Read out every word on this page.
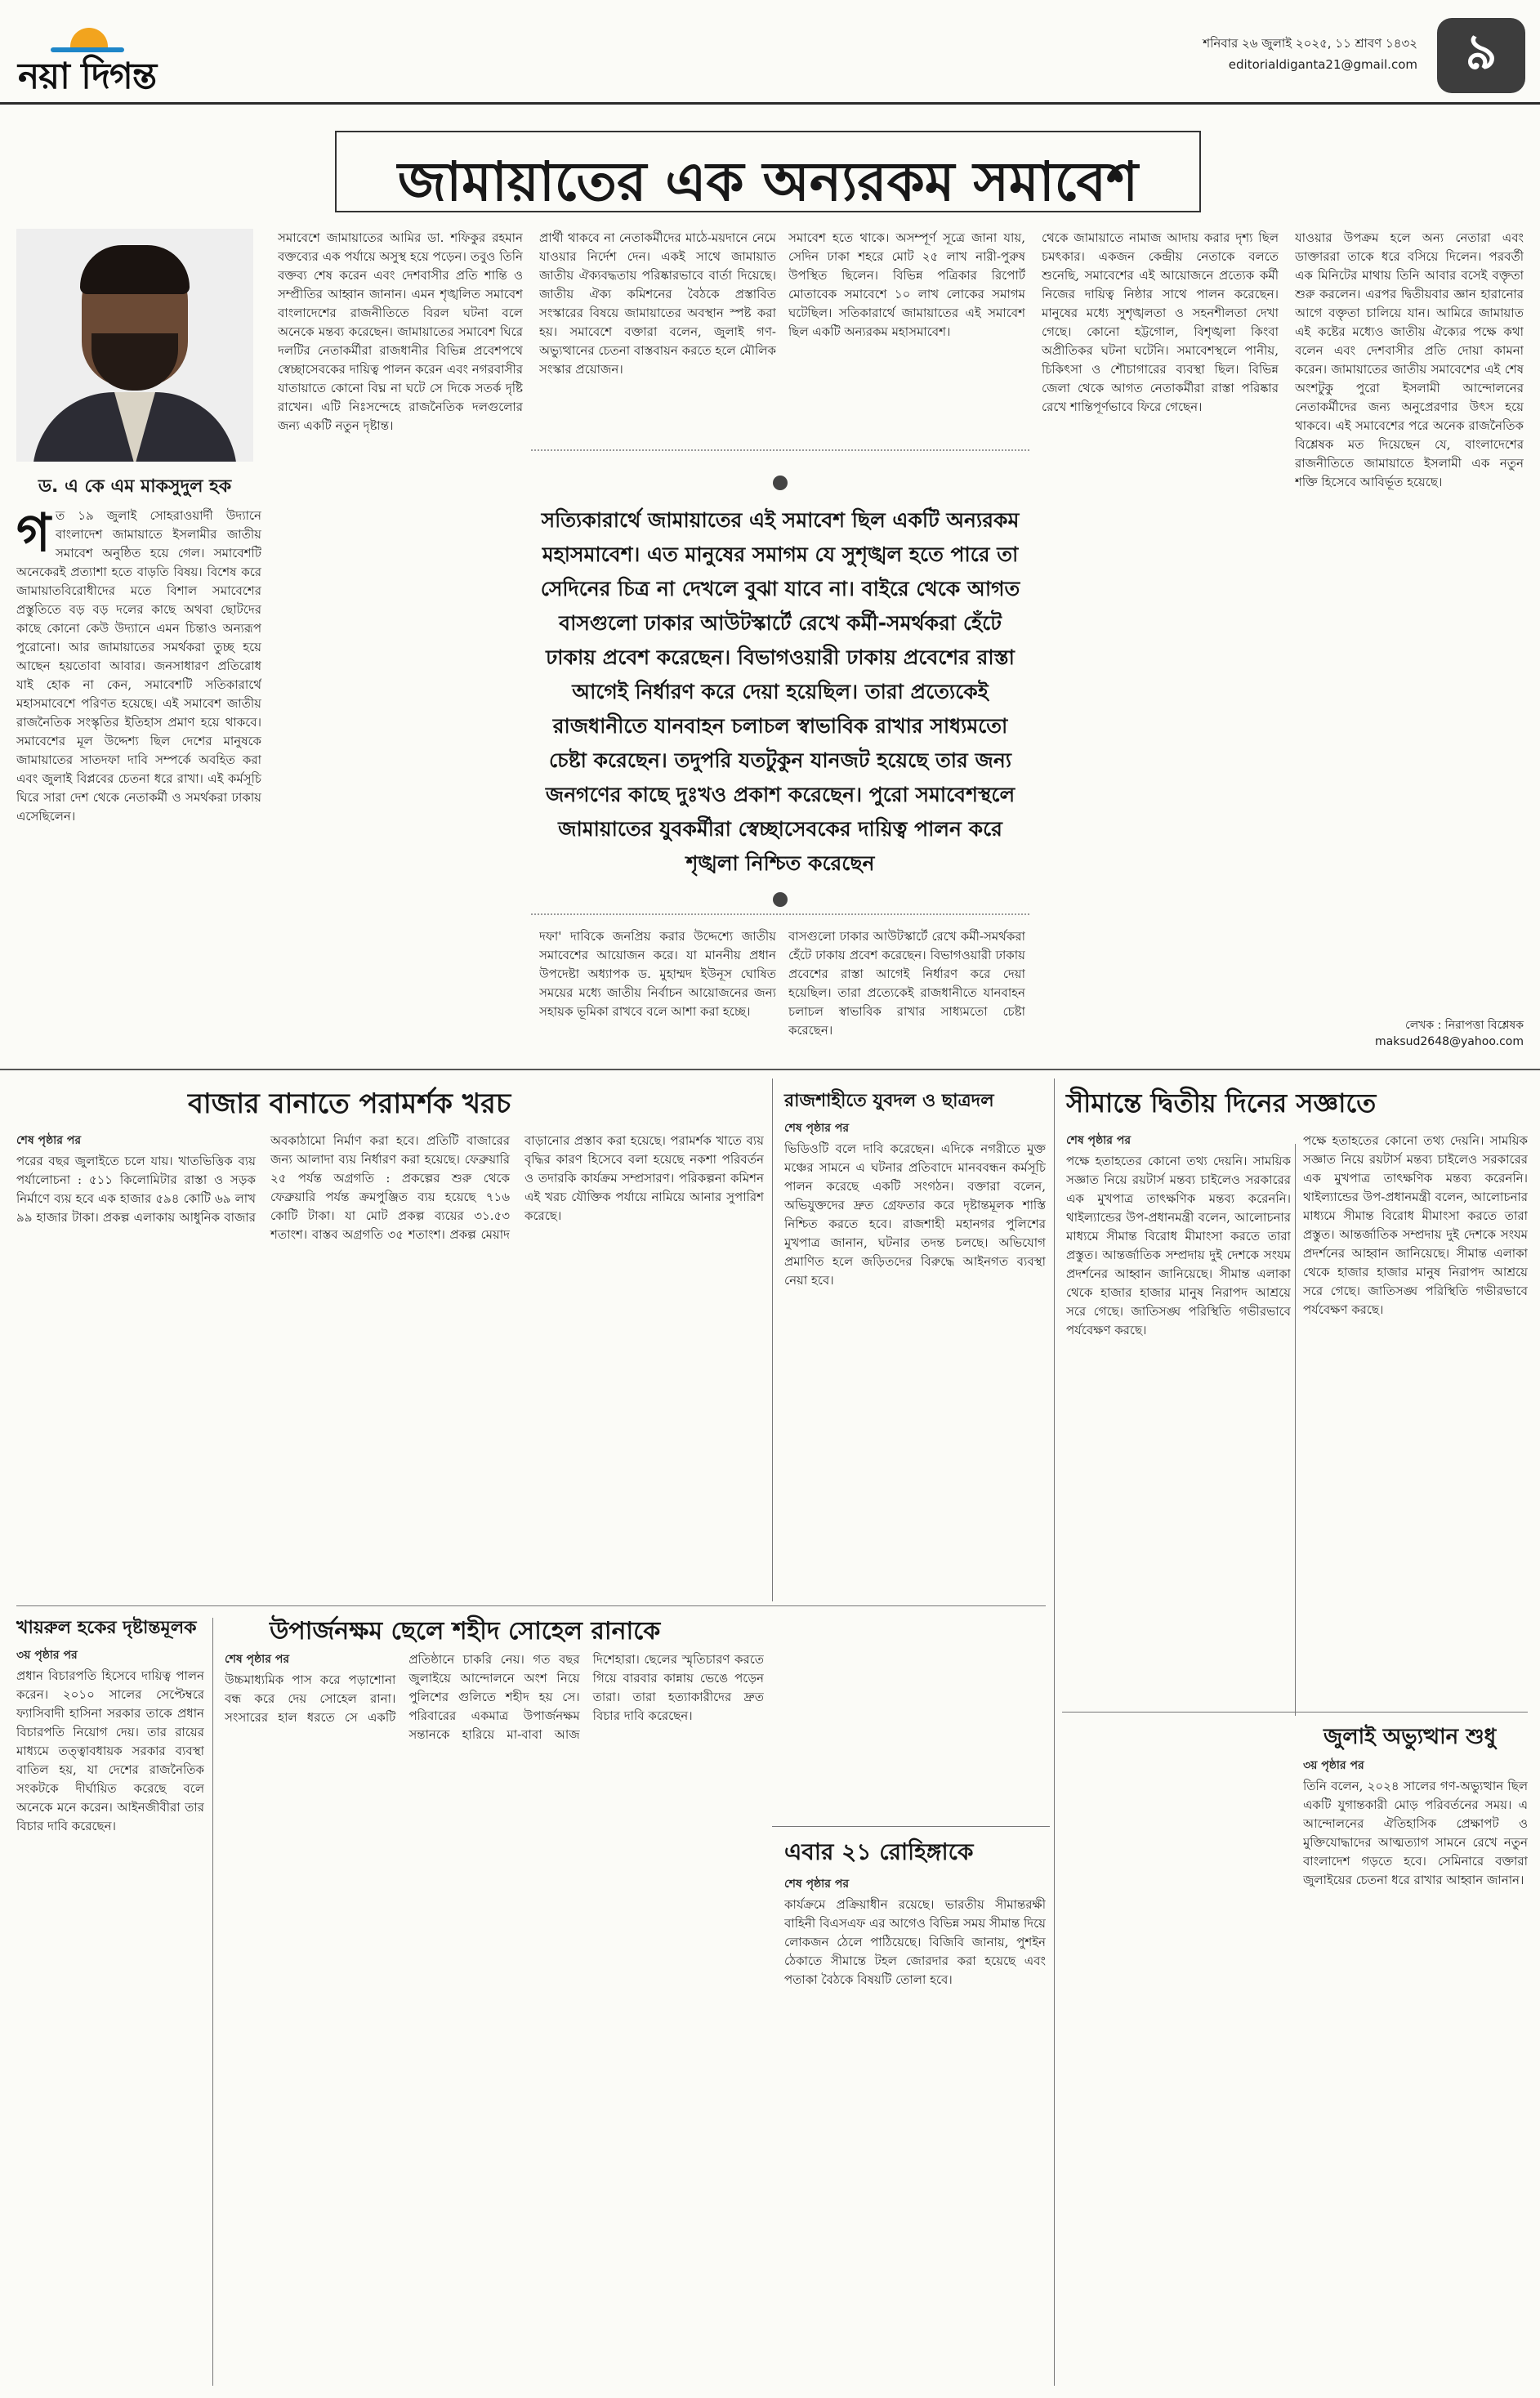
নয়া দিগন্ত
শনিবার ২৬ জুলাই ২০২৫, ১১ শ্রাবণ ১৪৩২
editorialdiganta21@gmail.com ৯
জামায়াতের এক অন্যরকম সমাবেশ
ড. এ কে এম মাকসুদুল হক
গ ত ১৯ জুলাই সোহরাওয়ার্দী উদ্যানে বাংলাদেশ জামায়াতে ইসলামীর জাতীয় সমাবেশ অনুষ্ঠিত হয়ে গেল। সমাবেশটি অনেকেরই প্রত্যাশা হতে বাড়তি বিষয়। বিশেষ করে জামায়াতবিরোধীদের মতে বিশাল সমাবেশের প্রস্তুতিতে বড় বড় দলের কাছে অথবা ছোটদের কাছে কোনো কেউ উদ্যানে এমন চিন্তাও অন্যরূপ পুরোনো। আর জামায়াতের সমর্থকরা তুচ্ছ হয়ে আছেন হয়তোবা আবার। জনসাধারণ প্রতিরোধ যাই হোক না কেন, সমাবেশটি সতিকারার্থে মহাসমাবেশে পরিণত হয়েছে। এই সমাবেশ জাতীয় রাজনৈতিক সংস্কৃতির ইতিহাস প্রমাণ হয়ে থাকবে। সমাবেশের মূল উদ্দেশ্য ছিল দেশের মানুষকে জামায়াতের সাতদফা দাবি সম্পর্কে অবহিত করা এবং জুলাই বিপ্লবের চেতনা ধরে রাখা। এই কর্মসূচি ঘিরে সারা দেশ থেকে নেতাকর্মী ও সমর্থকরা ঢাকায় এসেছিলেন।
সমাবেশে জামায়াতের আমির ডা. শফিকুর রহমান বক্তব্যের এক পর্যায়ে অসুস্থ হয়ে পড়েন। তবুও তিনি বক্তব্য শেষ করেন এবং দেশবাসীর প্রতি শান্তি ও সম্প্রীতির আহ্বান জানান। এমন শৃঙ্খলিত সমাবেশ বাংলাদেশের রাজনীতিতে বিরল ঘটনা বলে অনেকে মন্তব্য করেছেন। জামায়াতের সমাবেশ ঘিরে দলটির নেতাকর্মীরা রাজধানীর বিভিন্ন প্রবেশপথে স্বেচ্ছাসেবকের দায়িত্ব পালন করেন এবং নগরবাসীর যাতায়াতে কোনো বিঘ্ন না ঘটে সে দিকে সতর্ক দৃষ্টি রাখেন। এটি নিঃসন্দেহে রাজনৈতিক দলগুলোর জন্য একটি নতুন দৃষ্টান্ত।
প্রার্থী থাকবে না নেতাকর্মীদের মাঠে-ময়দানে নেমে যাওয়ার নির্দেশ দেন। একই সাথে জামায়াত জাতীয় ঐক্যবদ্ধতায় পরিষ্কারভাবে বার্তা দিয়েছে। জাতীয় ঐক্য কমিশনের বৈঠকে প্রস্তাবিত সংস্কারের বিষয়ে জামায়াতের অবস্থান স্পষ্ট করা হয়। সমাবেশে বক্তারা বলেন, জুলাই গণ-অভ্যুত্থানের চেতনা বাস্তবায়ন করতে হলে মৌলিক সংস্কার প্রয়োজন।
সমাবেশ হতে থাকে। অসম্পূর্ণ সূত্রে জানা যায়, সেদিন ঢাকা শহরে মোট ২৫ লাখ নারী-পুরুষ উপস্থিত ছিলেন। বিভিন্ন পত্রিকার রিপোর্ট মোতাবেক সমাবেশে ১০ লাখ লোকের সমাগম ঘটেছিল। সতিকারার্থে জামায়াতের এই সমাবেশ ছিল একটি অন্যরকম মহাসমাবেশ।

সত্যিকারার্থে জামায়াতের এই সমাবেশ ছিল একটি অন্যরকম মহাসমাবেশ। এত মানুষের সমাগম যে সুশৃঙ্খল হতে পারে তা সেদিনের চিত্র না দেখলে বুঝা যাবে না। বাইরে থেকে আগত বাসগুলো ঢাকার আউটস্কার্টে রেখে কর্মী-সমর্থকরা হেঁটে ঢাকায় প্রবেশ করেছেন। বিভাগওয়ারী ঢাকায় প্রবেশের রাস্তা আগেই নির্ধারণ করে দেয়া হয়েছিল। তারা প্রত্যেকেই রাজধানীতে যানবাহন চলাচল স্বাভাবিক রাখার সাধ্যমতো চেষ্টা করেছেন। তদুপরি যতটুকুন যানজট হয়েছে তার জন্য জনগণের কাছে দুঃখও প্রকাশ করেছেন। পুরো সমাবেশস্থলে জামায়াতের যুবকর্মীরা স্বেচ্ছাসেবকের দায়িত্ব পালন করে শৃঙ্খলা নিশ্চিত করেছেন

দফা' দাবিকে জনপ্রিয় করার উদ্দেশ্যে জাতীয় সমাবেশের আয়োজন করে। যা মাননীয় প্রধান উপদেষ্টা অধ্যাপক ড. মুহাম্মদ ইউনূস ঘোষিত সময়ের মধ্যে জাতীয় নির্বাচন আয়োজনের জন্য সহায়ক ভূমিকা রাখবে বলে আশা করা হচ্ছে।
বাসগুলো ঢাকার আউটস্কার্টে রেখে কর্মী-সমর্থকরা হেঁটে ঢাকায় প্রবেশ করেছেন। বিভাগওয়ারী ঢাকায় প্রবেশের রাস্তা আগেই নির্ধারণ করে দেয়া হয়েছিল। তারা প্রত্যেকেই রাজধানীতে যানবাহন চলাচল স্বাভাবিক রাখার সাধ্যমতো চেষ্টা করেছেন।
থেকে জামায়াতে নামাজ আদায় করার দৃশ্য ছিল চমৎকার। একজন কেন্দ্রীয় নেতাকে বলতে শুনেছি, সমাবেশের এই আয়োজনে প্রত্যেক কর্মী নিজের দায়িত্ব নিষ্ঠার সাথে পালন করেছেন। মানুষের মধ্যে সুশৃঙ্খলতা ও সহনশীলতা দেখা গেছে। কোনো হট্টগোল, বিশৃঙ্খলা কিংবা অপ্রীতিকর ঘটনা ঘটেনি। সমাবেশস্থলে পানীয়, চিকিৎসা ও শৌচাগারের ব্যবস্থা ছিল। বিভিন্ন জেলা থেকে আগত নেতাকর্মীরা রাস্তা পরিষ্কার রেখে শান্তিপূর্ণভাবে ফিরে গেছেন।
যাওয়ার উপক্রম হলে অন্য নেতারা এবং ডাক্তাররা তাকে ধরে বসিয়ে দিলেন। পরবর্তী এক মিনিটের মাথায় তিনি আবার বসেই বক্তৃতা শুরু করলেন। এরপর দ্বিতীয়বার জ্ঞান হারানোর আগে বক্তৃতা চালিয়ে যান। আমিরে জামায়াত এই কষ্টের মধ্যেও জাতীয় ঐক্যের পক্ষে কথা বলেন এবং দেশবাসীর প্রতি দোয়া কামনা করেন। জামায়াতের জাতীয় সমাবেশের এই শেষ অংশটুকু পুরো ইসলামী আন্দোলনের নেতাকর্মীদের জন্য অনুপ্রেরণার উৎস হয়ে থাকবে। এই সমাবেশের পরে অনেক রাজনৈতিক বিশ্লেষক মত দিয়েছেন যে, বাংলাদেশের রাজনীতিতে জামায়াতে ইসলামী এক নতুন শক্তি হিসেবে আবির্ভূত হয়েছে।
লেখক : নিরাপত্তা বিশ্লেষক
maksud2648@yahoo.com
বাজার বানাতে পরামর্শক খরচ
শেষ পৃষ্ঠার পর
পরের বছর জুলাইতে চলে যায়। খাতভিত্তিক ব্যয় পর্যালোচনা : ৫১১ কিলোমিটার রাস্তা ও সড়ক নির্মাণে ব্যয় হবে এক হাজার ৫৯৪ কোটি ৬৯ লাখ ৯৯ হাজার টাকা। প্রকল্প এলাকায় আধুনিক বাজার অবকাঠামো নির্মাণ করা হবে। প্রতিটি বাজারের জন্য আলাদা ব্যয় নির্ধারণ করা হয়েছে। ফেব্রুয়ারি ২৫ পর্যন্ত অগ্রগতি : প্রকল্পের শুরু থেকে ফেব্রুয়ারি পর্যন্ত ক্রমপুঞ্জিত ব্যয় হয়েছে ৭১৬ কোটি টাকা। যা মোট প্রকল্প ব্যয়ের ৩১.৫৩ শতাংশ। বাস্তব অগ্রগতি ৩৫ শতাংশ। প্রকল্প মেয়াদ বাড়ানোর প্রস্তাব করা হয়েছে। পরামর্শক খাতে ব্যয় বৃদ্ধির কারণ হিসেবে বলা হয়েছে নকশা পরিবর্তন ও তদারকি কার্যক্রম সম্প্রসারণ। পরিকল্পনা কমিশন এই খরচ যৌক্তিক পর্যায়ে নামিয়ে আনার সুপারিশ করেছে।
রাজশাহীতে যুবদল ও ছাত্রদল
শেষ পৃষ্ঠার পর
ভিডিওটি বলে দাবি করেছেন। এদিকে নগরীতে মুক্ত মঞ্চের সামনে এ ঘটনার প্রতিবাদে মানববন্ধন কর্মসূচি পালন করেছে একটি সংগঠন। বক্তারা বলেন, অভিযুক্তদের দ্রুত গ্রেফতার করে দৃষ্টান্তমূলক শাস্তি নিশ্চিত করতে হবে। রাজশাহী মহানগর পুলিশের মুখপাত্র জানান, ঘটনার তদন্ত চলছে। অভিযোগ প্রমাণিত হলে জড়িতদের বিরুদ্ধে আইনগত ব্যবস্থা নেয়া হবে।
সীমান্তে দ্বিতীয় দিনের সজ্ঞাতে
শেষ পৃষ্ঠার পর
পক্ষে হতাহতের কোনো তথ্য দেয়নি। সাময়িক সজ্ঞাত নিয়ে রয়টার্স মন্তব্য চাইলেও সরকারের এক মুখপাত্র তাৎক্ষণিক মন্তব্য করেননি। থাইল্যান্ডের উপ-প্রধানমন্ত্রী বলেন, আলোচনার মাধ্যমে সীমান্ত বিরোধ মীমাংসা করতে তারা প্রস্তুত। আন্তর্জাতিক সম্প্রদায় দুই দেশকে সংযম প্রদর্শনের আহ্বান জানিয়েছে। সীমান্ত এলাকা থেকে হাজার হাজার মানুষ নিরাপদ আশ্রয়ে সরে গেছে। জাতিসঙ্ঘ পরিস্থিতি গভীরভাবে পর্যবেক্ষণ করছে।
পক্ষে হতাহতের কোনো তথ্য দেয়নি। সাময়িক সজ্ঞাত নিয়ে রয়টার্স মন্তব্য চাইলেও সরকারের এক মুখপাত্র তাৎক্ষণিক মন্তব্য করেননি। থাইল্যান্ডের উপ-প্রধানমন্ত্রী বলেন, আলোচনার মাধ্যমে সীমান্ত বিরোধ মীমাংসা করতে তারা প্রস্তুত। আন্তর্জাতিক সম্প্রদায় দুই দেশকে সংযম প্রদর্শনের আহ্বান জানিয়েছে। সীমান্ত এলাকা থেকে হাজার হাজার মানুষ নিরাপদ আশ্রয়ে সরে গেছে। জাতিসঙ্ঘ পরিস্থিতি গভীরভাবে পর্যবেক্ষণ করছে।
জুলাই অভ্যুত্থান শুধু
৩য় পৃষ্ঠার পর
তিনি বলেন, ২০২৪ সালের গণ-অভ্যুত্থান ছিল একটি যুগান্তকারী মোড় পরিবর্তনের সময়। এ আন্দোলনের ঐতিহাসিক প্রেক্ষাপট ও মুক্তিযোদ্ধাদের আত্মত্যাগ সামনে রেখে নতুন বাংলাদেশ গড়তে হবে। সেমিনারে বক্তারা জুলাইয়ের চেতনা ধরে রাখার আহ্বান জানান।
খায়রুল হকের দৃষ্টান্তমূলক
৩য় পৃষ্ঠার পর
প্রধান বিচারপতি হিসেবে দায়িত্ব পালন করেন। ২০১০ সালের সেপ্টেম্বরে ফ্যাসিবাদী হাসিনা সরকার তাকে প্রধান বিচারপতি নিয়োগ দেয়। তার রায়ের মাধ্যমে তত্ত্বাবধায়ক সরকার ব্যবস্থা বাতিল হয়, যা দেশের রাজনৈতিক সংকটকে দীর্ঘায়িত করেছে বলে অনেকে মনে করেন। আইনজীবীরা তার বিচার দাবি করেছেন।
উপার্জনক্ষম ছেলে শহীদ সোহেল রানাকে
শেষ পৃষ্ঠার পর
উচ্চমাধ্যমিক পাস করে পড়াশোনা বন্ধ করে দেয় সোহেল রানা। সংসারের হাল ধরতে সে একটি প্রতিষ্ঠানে চাকরি নেয়। গত বছর জুলাইয়ে আন্দোলনে অংশ নিয়ে পুলিশের গুলিতে শহীদ হয় সে। পরিবারের একমাত্র উপার্জনক্ষম সন্তানকে হারিয়ে মা-বাবা আজ দিশেহারা। ছেলের স্মৃতিচারণ করতে গিয়ে বারবার কান্নায় ভেঙে পড়েন তারা। তারা হত্যাকারীদের দ্রুত বিচার দাবি করেছেন।
এবার ২১ রোহিঙ্গাকে
শেষ পৃষ্ঠার পর
কার্যক্রমে প্রক্রিয়াধীন রয়েছে। ভারতীয় সীমান্তরক্ষী বাহিনী বিএসএফ এর আগেও বিভিন্ন সময় সীমান্ত দিয়ে লোকজন ঠেলে পাঠিয়েছে। বিজিবি জানায়, পুশইন ঠেকাতে সীমান্তে টহল জোরদার করা হয়েছে এবং পতাকা বৈঠকে বিষয়টি তোলা হবে।
